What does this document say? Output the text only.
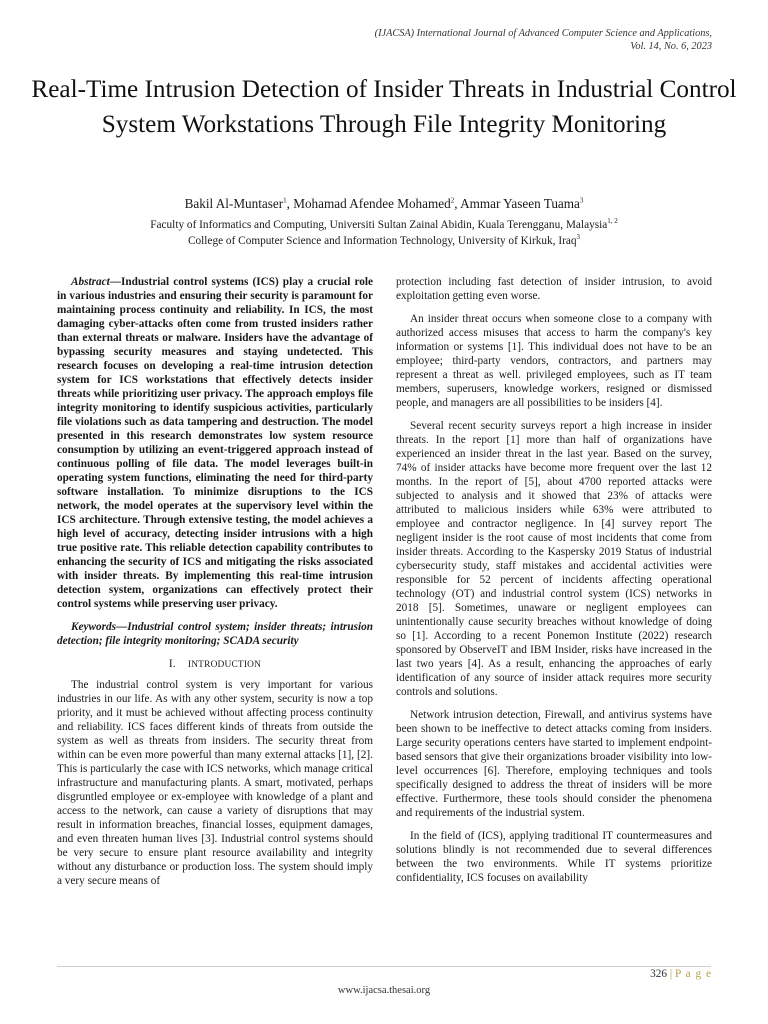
(IJACSA) International Journal of Advanced Computer Science and Applications,
Vol. 14, No. 6, 2023
Real-Time Intrusion Detection of Insider Threats in Industrial Control System Workstations Through File Integrity Monitoring
Bakil Al-Muntaser$^1$, Mohamad Afendee Mohamed$^2$, Ammar Yaseen Tuama$^3$
Faculty of Informatics and Computing, Universiti Sultan Zainal Abidin, Kuala Terengganu, Malaysia$^{1, 2}$
College of Computer Science and Information Technology, University of Kirkuk, Iraq$^3$

Abstract—Industrial control systems (ICS) play a crucial role in various industries and ensuring their security is paramount for maintaining process continuity and reliability. In ICS, the most damaging cyber-attacks often come from trusted insiders rather than external threats or malware. Insiders have the advantage of bypassing security measures and staying undetected. This research focuses on developing a real-time intrusion detection system for ICS workstations that effectively detects insider threats while prioritizing user privacy. The approach employs file integrity monitoring to identify suspicious activities, particularly file violations such as data tampering and destruction. The model presented in this research demonstrates low system resource consumption by utilizing an event-triggered approach instead of continuous polling of file data. The model leverages built-in operating system functions, eliminating the need for third-party software installation. To minimize disruptions to the ICS network, the model operates at the supervisory level within the ICS architecture. Through extensive testing, the model achieves a high level of accuracy, detecting insider intrusions with a high true positive rate. This reliable detection capability contributes to enhancing the security of ICS and mitigating the risks associated with insider threats. By implementing this real-time intrusion detection system, organizations can effectively protect their control systems while preserving user privacy.

Keywords—Industrial control system; insider threats; intrusion detection; file integrity monitoring; SCADA security

I. INTRODUCTION

The industrial control system is very important for various industries in our life. As with any other system, security is now a top priority, and it must be achieved without affecting process continuity and reliability. ICS faces different kinds of threats from outside the system as well as threats from insiders. The security threat from within can be even more powerful than many external attacks [1], [2]. This is particularly the case with ICS networks, which manage critical infrastructure and manufacturing plants. A smart, motivated, perhaps disgruntled employee or ex-employee with knowledge of a plant and access to the network, can cause a variety of disruptions that may result in information breaches, financial losses, equipment damages, and even threaten human lives [3]. Industrial control systems should be very secure to ensure plant resource availability and integrity without any disturbance or production loss. The system should imply a very secure means of

protection including fast detection of insider intrusion, to avoid exploitation getting even worse.

An insider threat occurs when someone close to a company with authorized access misuses that access to harm the company's key information or systems [1]. This individual does not have to be an employee; third-party vendors, contractors, and partners may represent a threat as well. privileged employees, such as IT team members, superusers, knowledge workers, resigned or dismissed people, and managers are all possibilities to be insiders [4].

Several recent security surveys report a high increase in insider threats. In the report [1] more than half of organizations have experienced an insider threat in the last year. Based on the survey, 74% of insider attacks have become more frequent over the last 12 months. In the report of [5], about 4700 reported attacks were subjected to analysis and it showed that 23% of attacks were attributed to malicious insiders while 63% were attributed to employee and contractor negligence. In [4] survey report The negligent insider is the root cause of most incidents that come from insider threats. According to the Kaspersky 2019 Status of industrial cybersecurity study, staff mistakes and accidental activities were responsible for 52 percent of incidents affecting operational technology (OT) and industrial control system (ICS) networks in 2018 [5]. Sometimes, unaware or negligent employees can unintentionally cause security breaches without knowledge of doing so [1]. According to a recent Ponemon Institute (2022) research sponsored by ObserveIT and IBM Insider, risks have increased in the last two years [4]. As a result, enhancing the approaches of early identification of any source of insider attack requires more security controls and solutions.

Network intrusion detection, Firewall, and antivirus systems have been shown to be ineffective to detect attacks coming from insiders. Large security operations centers have started to implement endpoint-based sensors that give their organizations broader visibility into low-level occurrences [6]. Therefore, employing techniques and tools specifically designed to address the threat of insiders will be more effective. Furthermore, these tools should consider the phenomena and requirements of the industrial system.

In the field of (ICS), applying traditional IT countermeasures and solutions blindly is not recommended due to several differences between the two environments. While IT systems prioritize confidentiality, ICS focuses on availability

326 | P a g e
www.ijacsa.thesai.org
